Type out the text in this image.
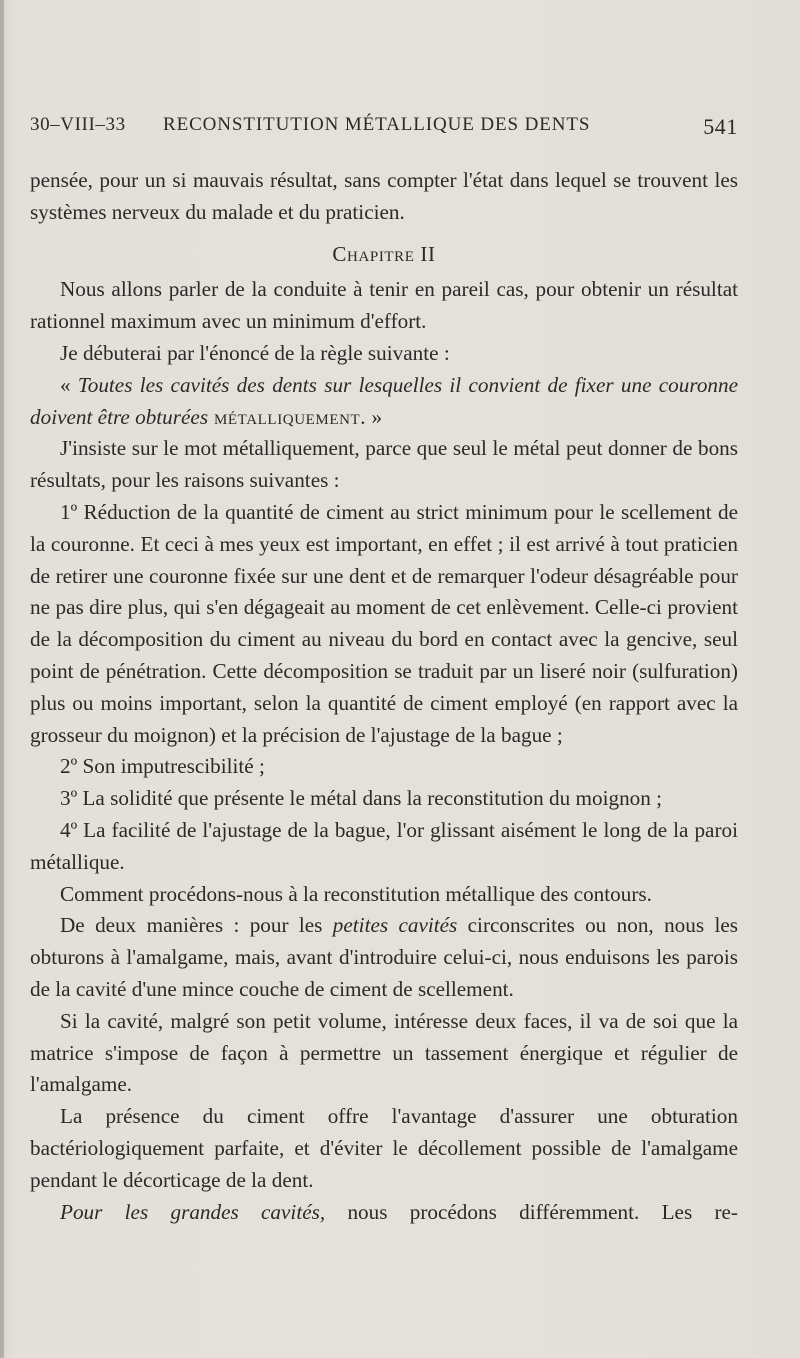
30–VIII–33 RECONSTITUTION MÉTALLIQUE DES DENTS	541

pensée, pour un si mauvais résultat, sans compter l'état dans lequel se trouvent les systèmes nerveux du malade et du praticien.

Chapitre II

Nous allons parler de la conduite à tenir en pareil cas, pour obtenir un résultat rationnel maximum avec un minimum d'effort.

Je débuterai par l'énoncé de la règle suivante :

« Toutes les cavités des dents sur lesquelles il convient de fixer une couronne doivent être obturées métalliquement. »

J'insiste sur le mot métalliquement, parce que seul le métal peut donner de bons résultats, pour les raisons suivantes :

1º Réduction de la quantité de ciment au strict minimum pour le scellement de la couronne. Et ceci à mes yeux est important, en effet ; il est arrivé à tout praticien de retirer une couronne fixée sur une dent et de remarquer l'odeur désagréable pour ne pas dire plus, qui s'en dégageait au moment de cet enlèvement. Celle-ci provient de la décomposition du ciment au niveau du bord en contact avec la gencive, seul point de pénétration. Cette décomposition se traduit par un liseré noir (sulfuration) plus ou moins important, selon la quantité de ciment employé (en rapport avec la grosseur du moignon) et la précision de l'ajustage de la bague ;

2º Son imputrescibilité ;

3º La solidité que présente le métal dans la reconstitution du moignon ;

4º La facilité de l'ajustage de la bague, l'or glissant aisément le long de la paroi métallique.

Comment procédons-nous à la reconstitution métallique des contours.

De deux manières : pour les petites cavités circonscrites ou non, nous les obturons à l'amalgame, mais, avant d'introduire celui-ci, nous enduisons les parois de la cavité d'une mince couche de ciment de scellement.

Si la cavité, malgré son petit volume, intéresse deux faces, il va de soi que la matrice s'impose de façon à permettre un tassement énergique et régulier de l'amalgame.

La présence du ciment offre l'avantage d'assurer une obturation bactériologiquement parfaite, et d'éviter le décollement possible de l'amalgame pendant le décorticage de la dent.

Pour les grandes cavités, nous procédons différemment. Les re-
